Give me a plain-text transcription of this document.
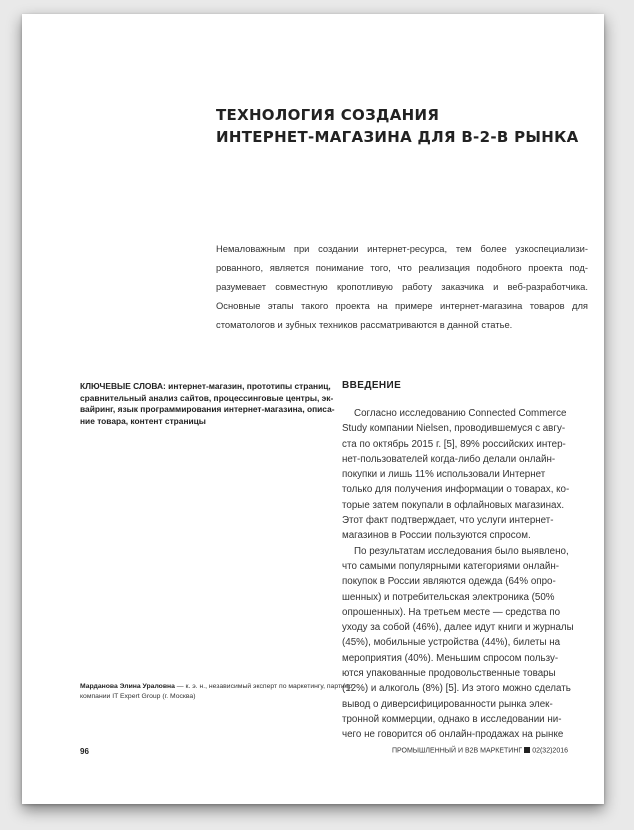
ТЕХНОЛОГИЯ СОЗДАНИЯ
ИНТЕРНЕТ-МАГАЗИНА ДЛЯ В-2-В РЫНКА
Немаловажным при создании интернет-ресурса, тем более узкоспециализи-
рованного, является понимание того, что реализация подобного проекта под-
разумевает совместную кропотливую работу заказчика и веб-разработчика.
Основные этапы такого проекта на примере интернет-магазина товаров для
стоматологов и зубных техников рассматриваются в данной статье.
КЛЮЧЕВЫЕ СЛОВА: интернет-магазин, прототипы страниц,
сравнительный анализ сайтов, процессинговые центры, эк-
вайринг, язык программирования интернет-магазина, описа-
ние товара, контент страницы
ВВЕДЕНИЕ
Согласно исследованию Connected Commerce
Study компании Nielsen, проводившемуся с авгу-
ста по октябрь 2015 г. [5], 89% российских интер-
нет-пользователей когда-либо делали онлайн-
покупки и лишь 11% использовали Интернет
только для получения информации о товарах, ко-
торые затем покупали в офлайновых магазинах.
Этот факт подтверждает, что услуги интернет-
магазинов в России пользуются спросом.
По результатам исследования было выявлено,
что самыми популярными категориями онлайн-
покупок в России являются одежда (64% опро-
шенных) и потребительская электроника (50%
опрошенных). На третьем месте — средства по
уходу за собой (46%), далее идут книги и журналы
(45%), мобильные устройства (44%), билеты на
мероприятия (40%). Меньшим спросом пользу-
ются упакованные продовольственные товары
(12%) и алкоголь (8%) [5]. Из этого можно сделать
вывод о диверсифицированности рынка элек-
тронной коммерции, однако в исследовании ни-
чего не говорится об онлайн-продажах на рынке
Марданова Элина Ураловна — к. э. н., независимый эксперт по маркетингу, партнер
компании IT Expert Group (г. Москва)
96	ПРОМЫШЛЕННЫЙ И B2B МАРКЕТИНГ 02(32)2016
